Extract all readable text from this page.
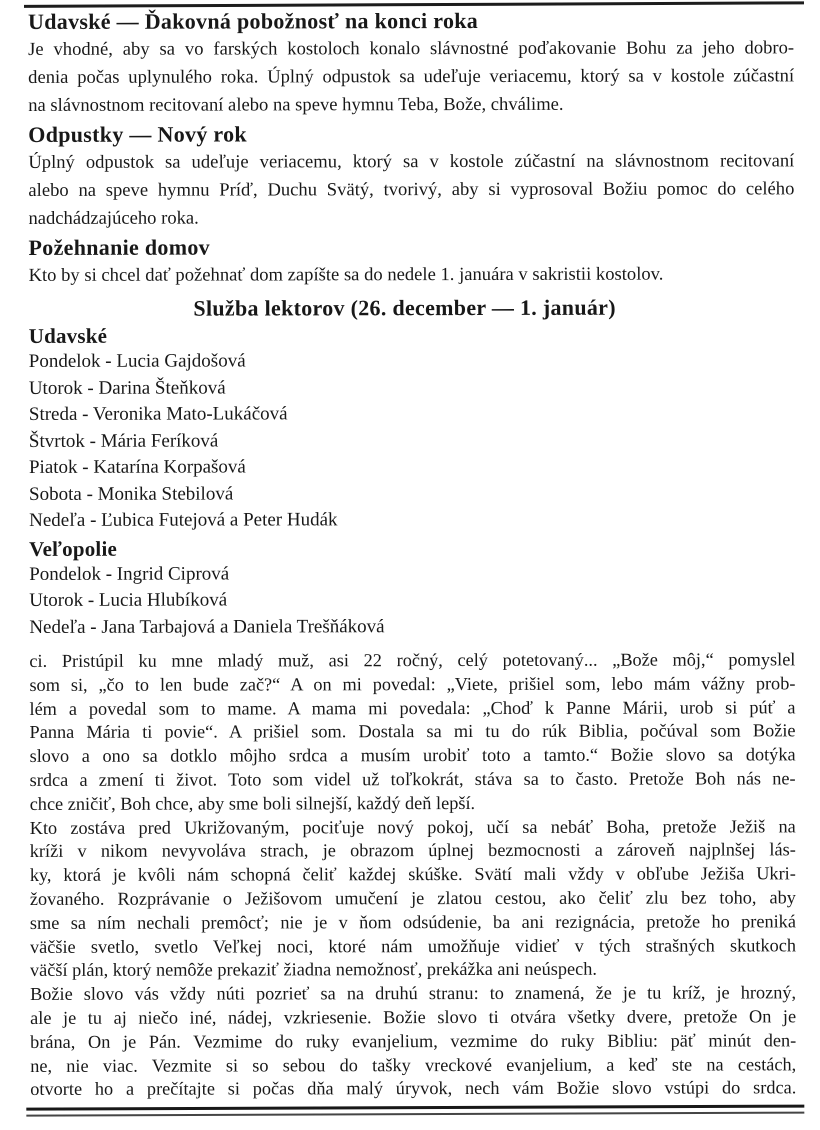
Udavské — Ďakovná pobožnosť na konci roka
Je vhodné, aby sa vo farských kostoloch konalo slávnostné poďakovanie Bohu za jeho dobro-
denia počas uplynulého roka. Úplný odpustok sa udeľuje veriacemu, ktorý sa v kostole zúčastní
na slávnostnom recitovaní alebo na speve hymnu Teba, Bože, chválime.
Odpustky — Nový rok
Úplný odpustok sa udeľuje veriacemu, ktorý sa v kostole zúčastní na slávnostnom recitovaní
alebo na speve hymnu Príď, Duchu Svätý, tvorivý, aby si vyprosoval Božiu pomoc do celého
nadchádzajúceho roka.
Požehnanie domov
Kto by si chcel dať požehnať dom zapíšte sa do nedele 1. januára v sakristii kostolov.
Služba lektorov (26. december — 1. január)
Udavské
Pondelok - Lucia Gajdošová
Utorok - Darina Šteňková
Streda - Veronika Mato-Lukáčová
Štvrtok - Mária Feríková
Piatok - Katarína Korpašová
Sobota - Monika Stebilová
Nedeľa - Ľubica Futejová a Peter Hudák
Veľopolie
Pondelok - Ingrid Ciprová
Utorok - Lucia Hlubíková
Nedeľa - Jana Tarbajová a Daniela Trešňáková
ci. Pristúpil ku mne mladý muž, asi 22 ročný, celý potetovaný... „Bože môj,“ pomyslel
som si, „čo to len bude zač?“ A on mi povedal: „Viete, prišiel som, lebo mám vážny prob-
lém a povedal som to mame. A mama mi povedala: „Choď k Panne Márii, urob si púť a
Panna Mária ti povie“. A prišiel som. Dostala sa mi tu do rúk Biblia, počúval som Božie
slovo a ono sa dotklo môjho srdca a musím urobiť toto a tamto.“ Božie slovo sa dotýka
srdca a zmení ti život. Toto som videl už toľkokrát, stáva sa to často. Pretože Boh nás ne-
chce zničiť, Boh chce, aby sme boli silnejší, každý deň lepší.
Kto zostáva pred Ukrižovaným, pociťuje nový pokoj, učí sa nebáť Boha, pretože Ježiš na
kríži v nikom nevyvoláva strach, je obrazom úplnej bezmocnosti a zároveň najplnšej lás-
ky, ktorá je kvôli nám schopná čeliť každej skúške. Svätí mali vždy v obľube Ježiša Ukri-
žovaného. Rozprávanie o Ježišovom umučení je zlatou cestou, ako čeliť zlu bez toho, aby
sme sa ním nechali premôcť; nie je v ňom odsúdenie, ba ani rezignácia, pretože ho preniká
väčšie svetlo, svetlo Veľkej noci, ktoré nám umožňuje vidieť v tých strašných skutkoch
väčší plán, ktorý nemôže prekaziť žiadna nemožnosť, prekážka ani neúspech.
Božie slovo vás vždy núti pozrieť sa na druhú stranu: to znamená, že je tu kríž, je hrozný,
ale je tu aj niečo iné, nádej, vzkriesenie. Božie slovo ti otvára všetky dvere, pretože On je
brána, On je Pán. Vezmime do ruky evanjelium, vezmime do ruky Bibliu: päť minút den-
ne, nie viac. Vezmite si so sebou do tašky vreckové evanjelium, a keď ste na cestách,
otvorte ho a prečítajte si počas dňa malý úryvok, nech vám Božie slovo vstúpi do srdca.
